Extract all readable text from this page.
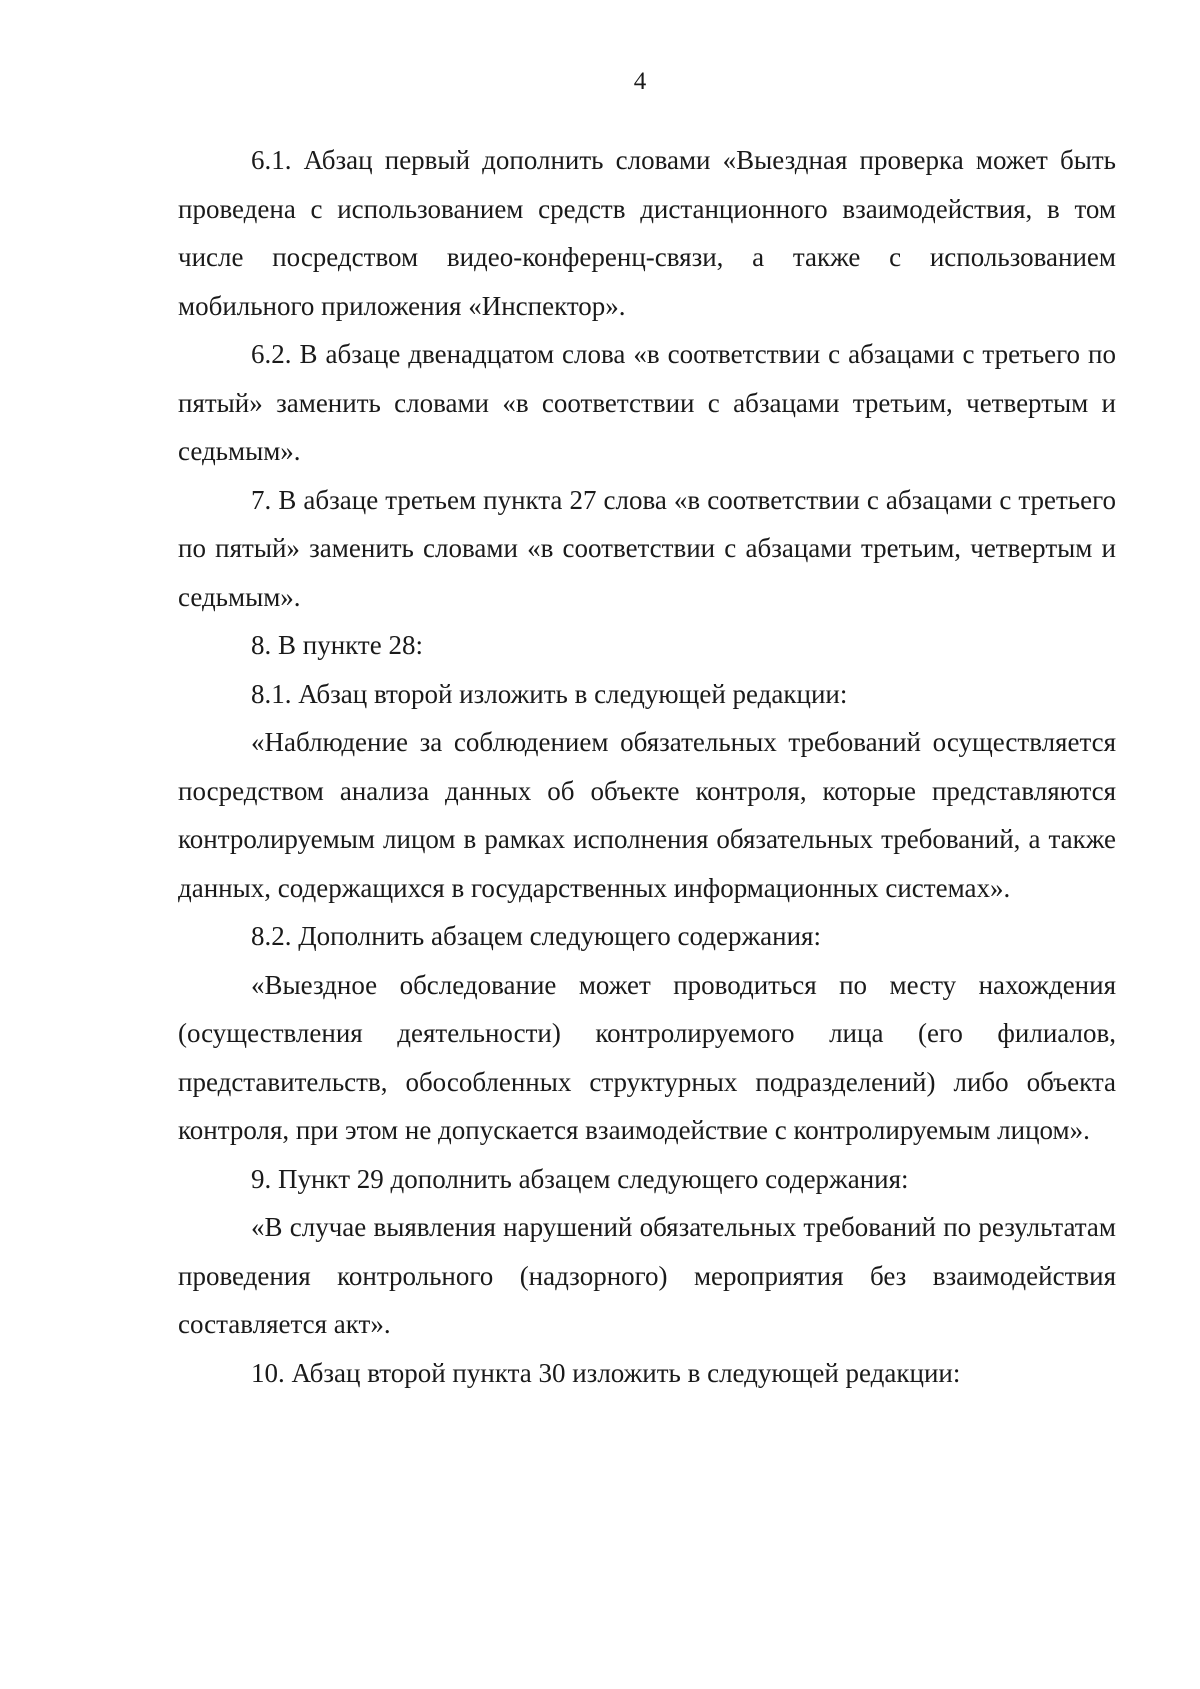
4

6.1. Абзац первый дополнить словами «Выездная проверка может быть проведена с использованием средств дистанционного взаимодействия, в том числе посредством видео-конференц-связи, а также с использованием мобильного приложения «Инспектор».

6.2. В абзаце двенадцатом слова «в соответствии с абзацами с третьего по пятый» заменить словами «в соответствии с абзацами третьим, четвертым и седьмым».

7. В абзаце третьем пункта 27 слова «в соответствии с абзацами с третьего по пятый» заменить словами «в соответствии с абзацами третьим, четвертым и седьмым».

8. В пункте 28:

8.1. Абзац второй изложить в следующей редакции:

«Наблюдение за соблюдением обязательных требований осуществляется посредством анализа данных об объекте контроля, которые представляются контролируемым лицом в рамках исполнения обязательных требований, а также данных, содержащихся в государственных информационных системах».

8.2. Дополнить абзацем следующего содержания:

«Выездное обследование может проводиться по месту нахождения (осуществления деятельности) контролируемого лица (его филиалов, представительств, обособленных структурных подразделений) либо объекта контроля, при этом не допускается взаимодействие с контролируемым лицом».

9. Пункт 29 дополнить абзацем следующего содержания:

«В случае выявления нарушений обязательных требований по результатам проведения контрольного (надзорного) мероприятия без взаимодействия составляется акт».

10. Абзац второй пункта 30 изложить в следующей редакции:
